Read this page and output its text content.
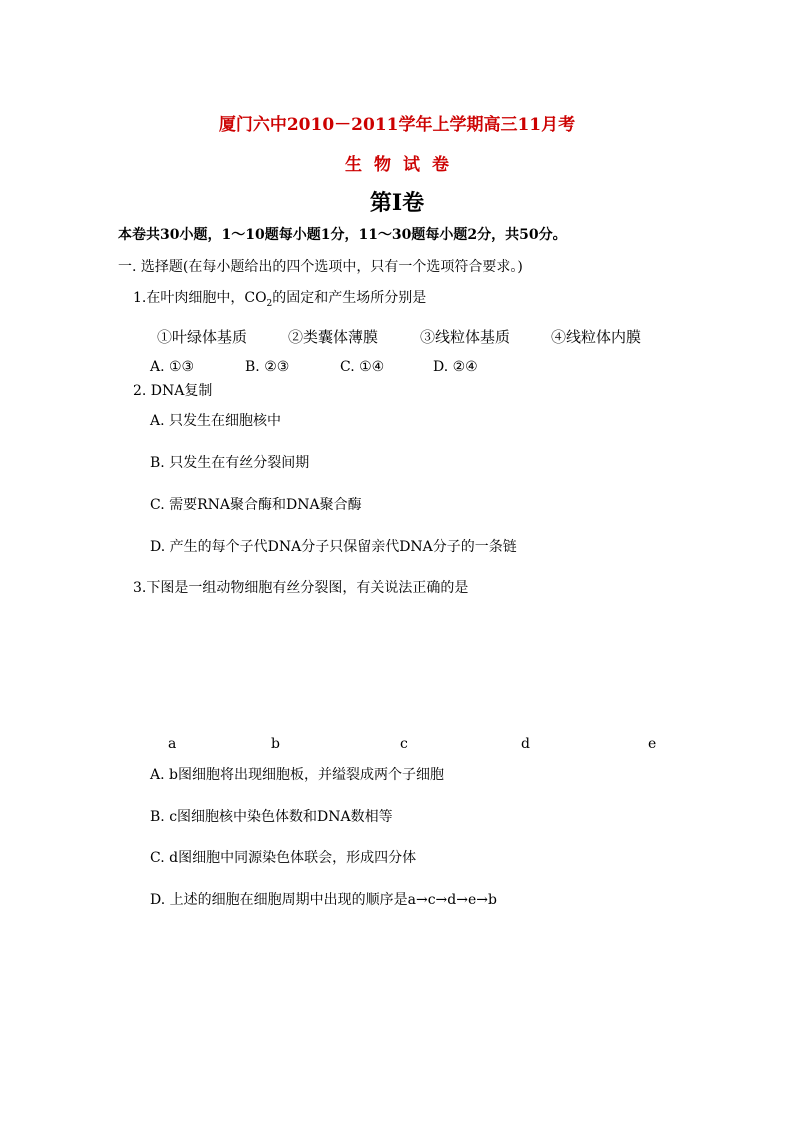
厦门六中2010－2011学年上学期高三11月考
生物试卷
第I卷
本卷共30小题，1～10题每小题1分，11～30题每小题2分，共50分。
一. 选择题(在每小题给出的四个选项中，只有一个选项符合要求。)
1.在叶肉细胞中，$CO_2$的固定和产生场所分别是
①叶绿体基质	②类囊体薄膜	③线粒体基质	④线粒体内膜
A. ①③	B. ②③	C. ①④	D. ②④
2. DNA复制
A. 只发生在细胞核中
B. 只发生在有丝分裂间期
C. 需要RNA聚合酶和DNA聚合酶
D. 产生的每个子代DNA分子只保留亲代DNA分子的一条链
3.下图是一组动物细胞有丝分裂图，有关说法正确的是
a	b	c	d	e
A. b图细胞将出现细胞板，并缢裂成两个子细胞
B. c图细胞核中染色体数和DNA数相等
C. d图细胞中同源染色体联会，形成四分体
D. 上述的细胞在细胞周期中出现的顺序是a→c→d→e→b
